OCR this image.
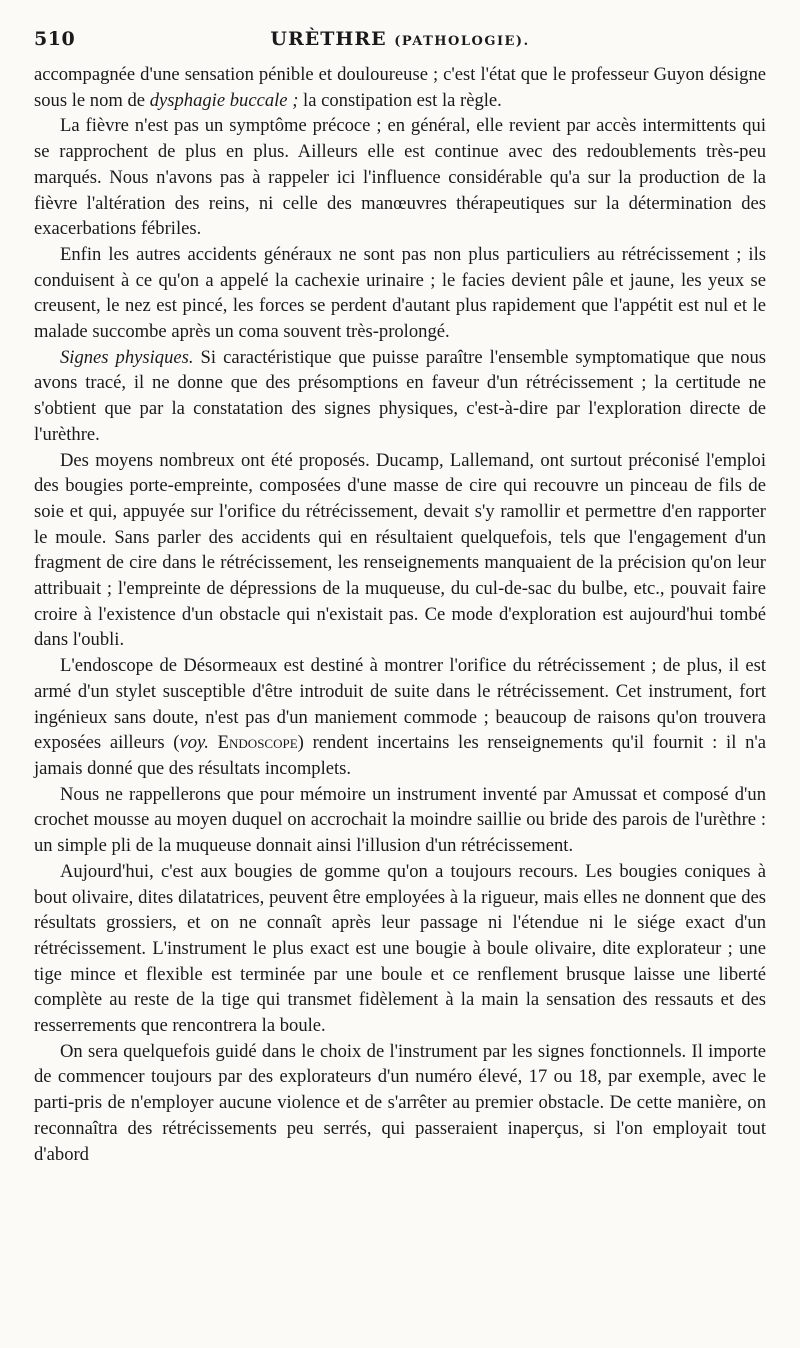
510	URÈTHRE (PATHOLOGIE).

accompagnée d'une sensation pénible et douloureuse ; c'est l'état que le professeur Guyon désigne sous le nom de dysphagie buccale ; la constipation est la règle.

La fièvre n'est pas un symptôme précoce ; en général, elle revient par accès intermittents qui se rapprochent de plus en plus. Ailleurs elle est continue avec des redoublements très-peu marqués. Nous n'avons pas à rappeler ici l'influence considérable qu'a sur la production de la fièvre l'altération des reins, ni celle des manœuvres thérapeutiques sur la détermination des exacerbations fébriles.

Enfin les autres accidents généraux ne sont pas non plus particuliers au rétrécissement ; ils conduisent à ce qu'on a appelé la cachexie urinaire ; le facies devient pâle et jaune, les yeux se creusent, le nez est pincé, les forces se perdent d'autant plus rapidement que l'appétit est nul et le malade succombe après un coma souvent très-prolongé.

Signes physiques. Si caractéristique que puisse paraître l'ensemble symptomatique que nous avons tracé, il ne donne que des présomptions en faveur d'un rétrécissement ; la certitude ne s'obtient que par la constatation des signes physiques, c'est-à-dire par l'exploration directe de l'urèthre.

Des moyens nombreux ont été proposés. Ducamp, Lallemand, ont surtout préconisé l'emploi des bougies porte-empreinte, composées d'une masse de cire qui recouvre un pinceau de fils de soie et qui, appuyée sur l'orifice du rétrécissement, devait s'y ramollir et permettre d'en rapporter le moule. Sans parler des accidents qui en résultaient quelquefois, tels que l'engagement d'un fragment de cire dans le rétrécissement, les renseignements manquaient de la précision qu'on leur attribuait ; l'empreinte de dépressions de la muqueuse, du cul-de-sac du bulbe, etc., pouvait faire croire à l'existence d'un obstacle qui n'existait pas. Ce mode d'exploration est aujourd'hui tombé dans l'oubli.

L'endoscope de Désormeaux est destiné à montrer l'orifice du rétrécissement ; de plus, il est armé d'un stylet susceptible d'être introduit de suite dans le rétrécissement. Cet instrument, fort ingénieux sans doute, n'est pas d'un maniement commode ; beaucoup de raisons qu'on trouvera exposées ailleurs (voy. Endoscope) rendent incertains les renseignements qu'il fournit : il n'a jamais donné que des résultats incomplets.

Nous ne rappellerons que pour mémoire un instrument inventé par Amussat et composé d'un crochet mousse au moyen duquel on accrochait la moindre saillie ou bride des parois de l'urèthre : un simple pli de la muqueuse donnait ainsi l'illusion d'un rétrécissement.

Aujourd'hui, c'est aux bougies de gomme qu'on a toujours recours. Les bougies coniques à bout olivaire, dites dilatatrices, peuvent être employées à la rigueur, mais elles ne donnent que des résultats grossiers, et on ne connaît après leur passage ni l'étendue ni le siége exact d'un rétrécissement. L'instrument le plus exact est une bougie à boule olivaire, dite explorateur ; une tige mince et flexible est terminée par une boule et ce renflement brusque laisse une liberté complète au reste de la tige qui transmet fidèlement à la main la sensation des ressauts et des resserrements que rencontrera la boule.

On sera quelquefois guidé dans le choix de l'instrument par les signes fonctionnels. Il importe de commencer toujours par des explorateurs d'un numéro élevé, 17 ou 18, par exemple, avec le parti-pris de n'employer aucune violence et de s'arrêter au premier obstacle. De cette manière, on reconnaîtra des rétrécissements peu serrés, qui passeraient inaperçus, si l'on employait tout d'abord
